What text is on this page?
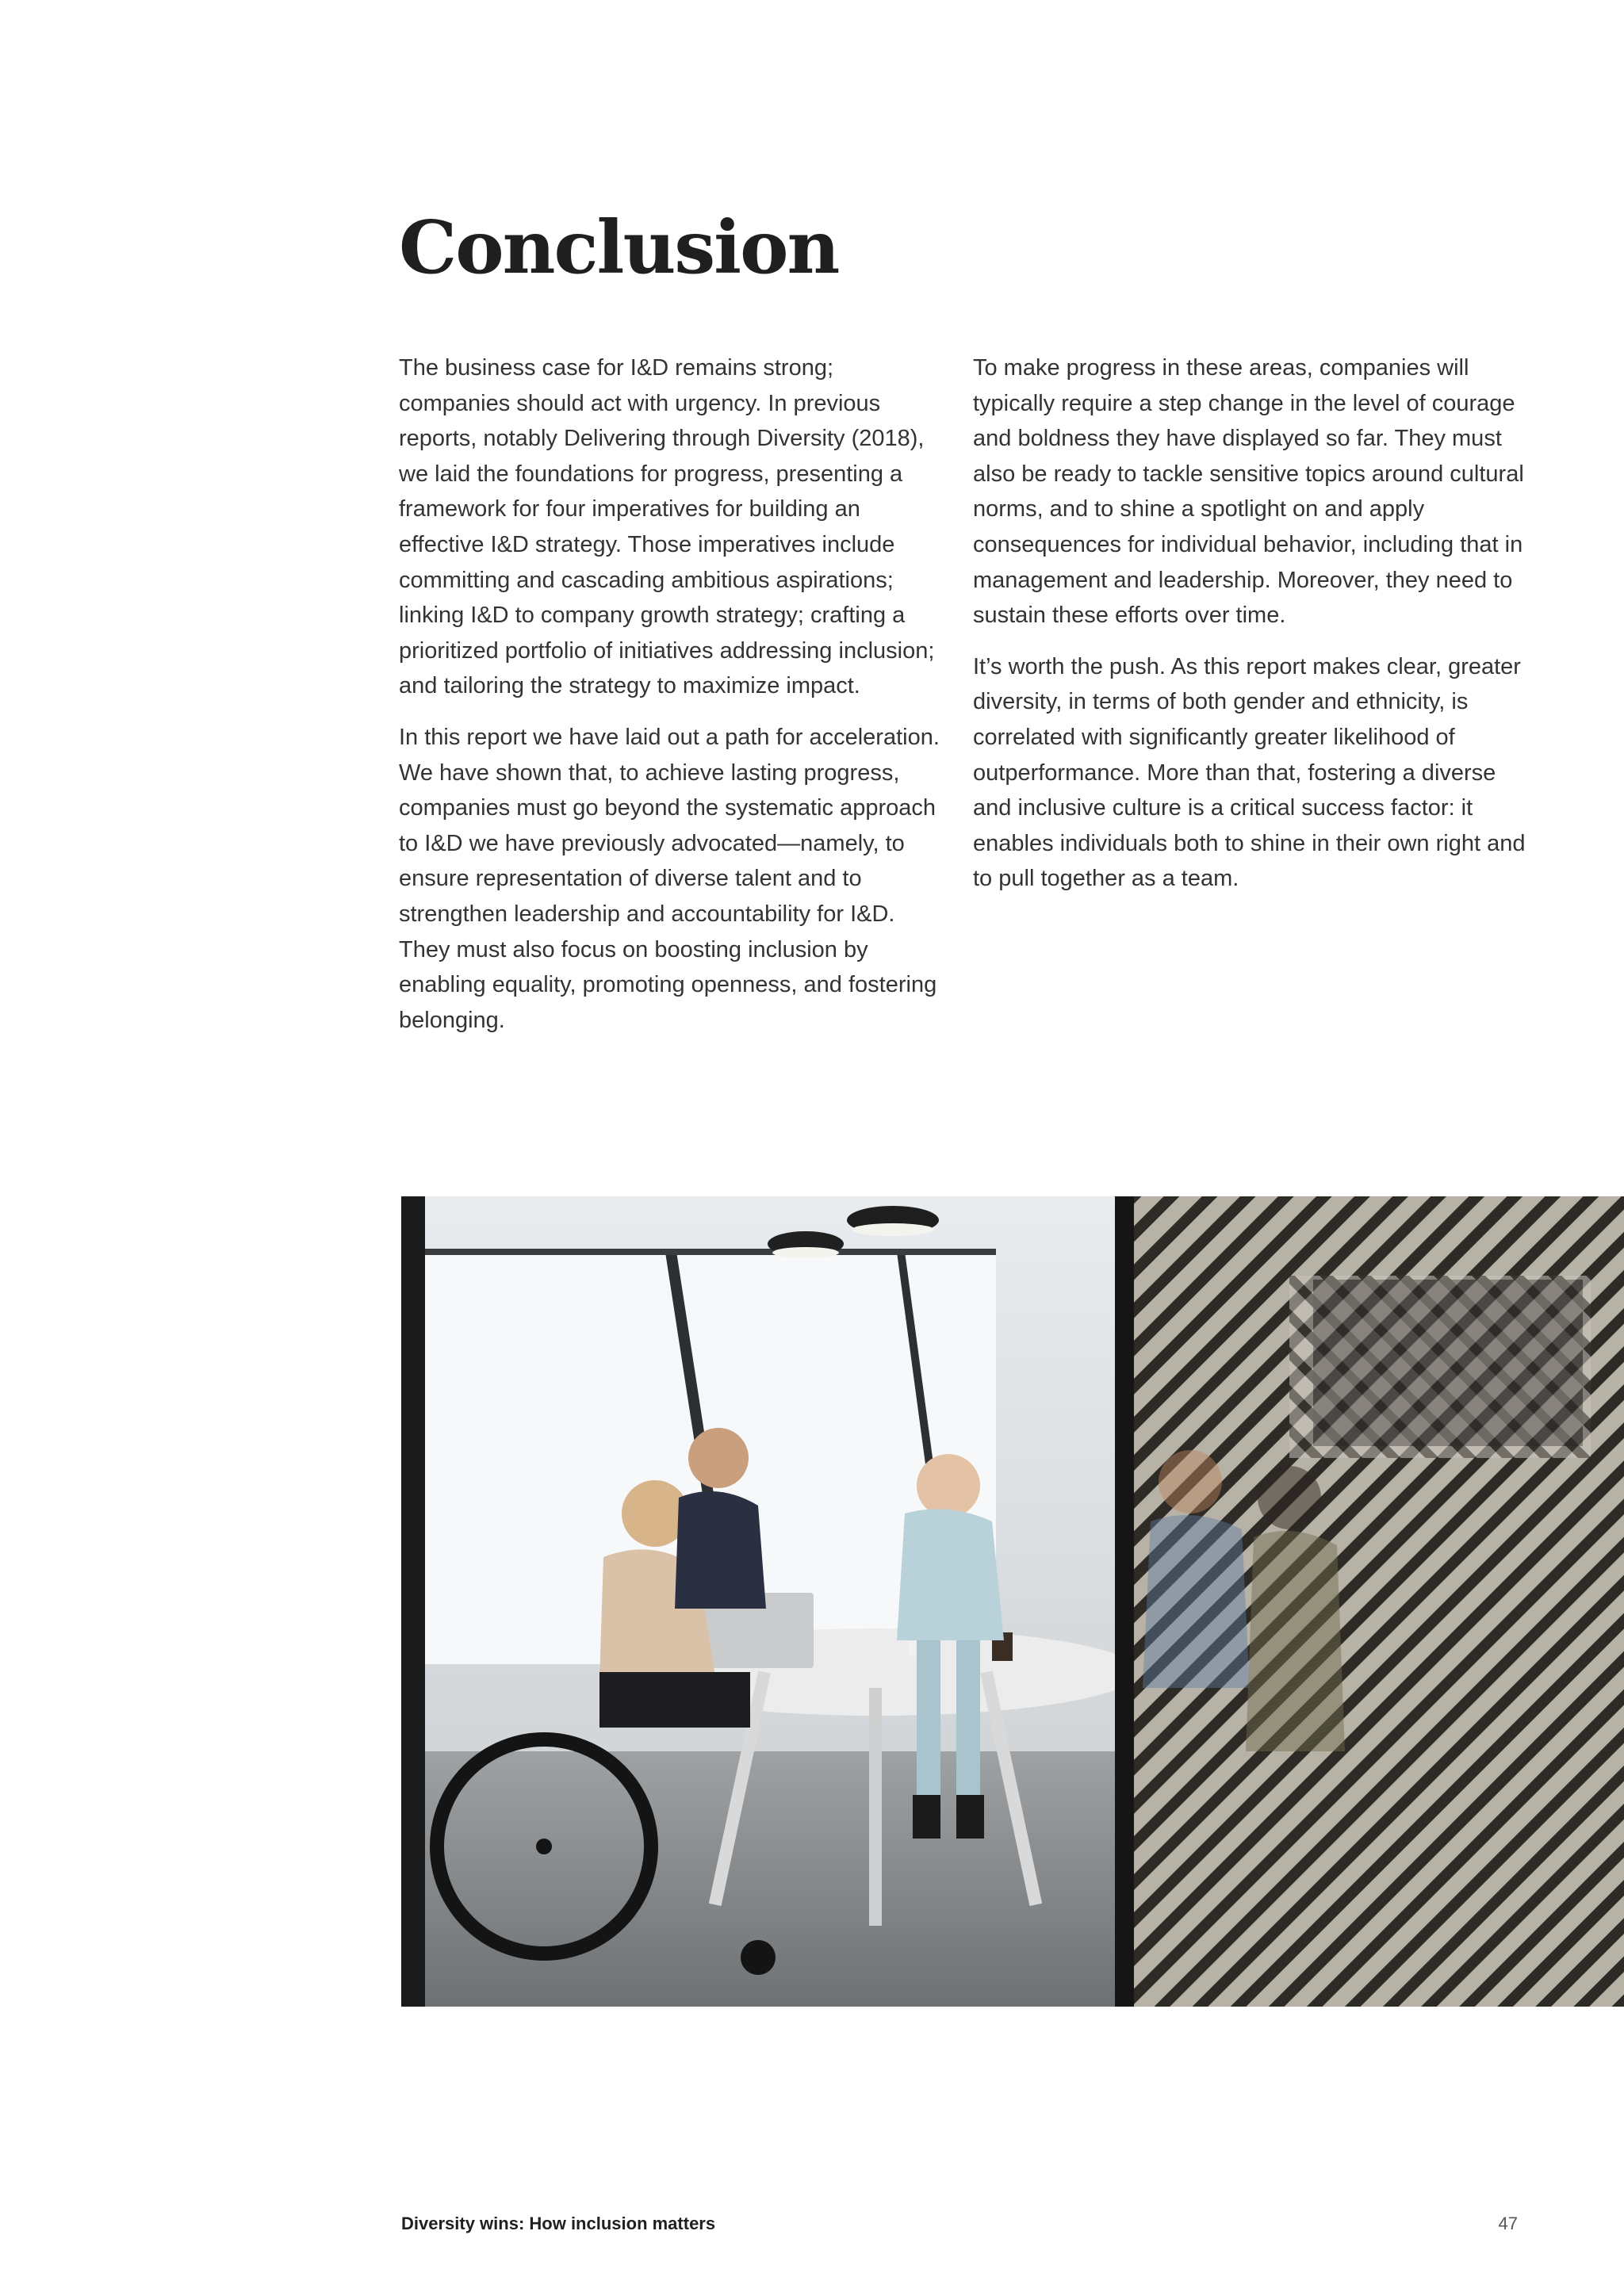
Conclusion

The business case for I&D remains strong; companies should act with urgency. In previous reports, notably Delivering through Diversity (2018), we laid the foundations for progress, presenting a framework for four imperatives for building an effective I&D strategy. Those imperatives include committing and cascading ambitious aspirations; linking I&D to company growth strategy; crafting a prioritized portfolio of initiatives addressing inclusion; and tailoring the strategy to maximize impact.

In this report we have laid out a path for acceleration. We have shown that, to achieve lasting progress, companies must go beyond the systematic approach to I&D we have previously advocated—namely, to ensure representation of diverse talent and to strengthen leadership and accountability for I&D. They must also focus on boosting inclusion by enabling equality, promoting openness, and fostering belonging.

To make progress in these areas, companies will typically require a step change in the level of courage and boldness they have displayed so far. They must also be ready to tackle sensitive topics around cultural norms, and to shine a spotlight on and apply consequences for individual behavior, including that in management and leadership. Moreover, they need to sustain these efforts over time.

It’s worth the push. As this report makes clear, greater diversity, in terms of both gender and ethnicity, is correlated with significantly greater likelihood of outperformance. More than that, fostering a diverse and inclusive culture is a critical success factor: it enables individuals both to shine in their own right and to pull together as a team.

Diversity wins: How inclusion matters	47
